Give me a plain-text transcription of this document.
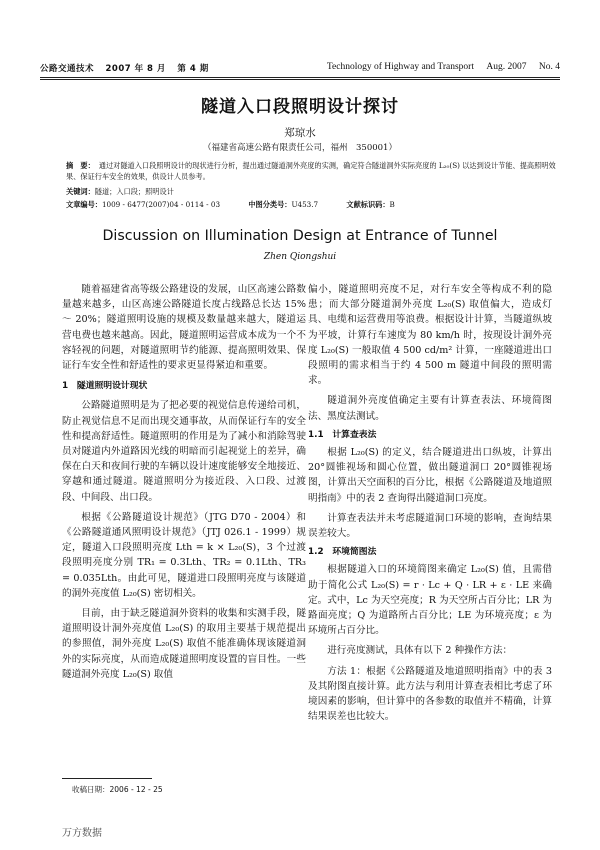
公路交通技术 2007 年 8 月 第 4 期	Technology of Highway and Transport Aug. 2007 No. 4
隧道入口段照明设计探讨
郑琼水
（福建省高速公路有限责任公司，福州　350001）
摘　要： 通过对隧道入口段照明设计的现状进行分析，提出通过隧道洞外亮度的实测，确定符合隧道洞外实际亮度的 L₂₀(S) 以达到设计节能、提高照明效果、保证行车安全的效果，供设计人员参考。
关键词：隧道；入口段；照明设计
文章编号：1009 - 6477(2007)04 - 0114 - 03	中图分类号：U453.7	文献标识码：B
Discussion on Illumination Design at Entrance of Tunnel
Zhen Qiongshui

随着福建省高等级公路建设的发展，山区高速公路数量越来越多，山区高速公路隧道长度占线路总长达 15% ～ 20%；隧道照明设施的规模及数量越来越大，隧道运营电费也越来越高。因此，隧道照明运营成本成为一个不容轻视的问题，对隧道照明节约能源、提高照明效果、保证行车安全性和舒适性的要求更显得紧迫和重要。

1　隧道照明设计现状

公路隧道照明是为了把必要的视觉信息传递给司机，防止视觉信息不足而出现交通事故，从而保证行车的安全性和提高舒适性。隧道照明的作用是为了减小和消除驾驶员对隧道内外道路因光线的明暗而引起视觉上的差异，确保在白天和夜间行驶的车辆以设计速度能够安全地接近、穿越和通过隧道。隧道照明分为接近段、入口段、过渡段、中间段、出口段。

根据《公路隧道设计规范》（JTG D70 - 2004）和《公路隧道通风照明设计规范》（JTJ 026.1 - 1999）规定，隧道入口段照明亮度 Lth = k × L₂₀(S)，3 个过渡段照明亮度分别 TR₁ = 0.3Lth、TR₂ = 0.1Lth、TR₃ = 0.035Lth。由此可见，隧道进口段照明亮度与该隧道的洞外亮度值 L₂₀(S) 密切相关。

目前，由于缺乏隧道洞外资料的收集和实测手段，隧道照明设计洞外亮度值 L₂₀(S) 的取用主要基于规范提出的参照值，洞外亮度 L₂₀(S) 取值不能准确体现该隧道洞外的实际亮度，从而造成隧道照明度设置的盲目性。一些隧道洞外亮度 L₂₀(S) 取值

偏小，隧道照明亮度不足，对行车安全等构成不利的隐患；而大部分隧道洞外亮度 L₂₀(S) 取值偏大，造成灯具、电缆和运营费用等浪费。根据设计计算，当隧道纵坡为平坡，计算行车速度为 80 km/h 时，按现设计洞外亮度 L₂₀(S) 一般取值 4 500 cd/m² 计算，一座隧道进出口段照明的需求相当于约 4 500 m 隧道中间段的照明需求。

隧道洞外亮度值确定主要有计算查表法、环境简图法、黑度法测试。

1.1　计算查表法

根据 L₂₀(S) 的定义，结合隧道进出口纵坡，计算出 20°圆锥视场和圆心位置，做出隧道洞口 20°圆锥视场图，计算出天空面积的百分比，根据《公路隧道及地道照明指南》中的表 2 查询得出隧道洞口亮度。

计算查表法并未考虑隧道洞口环境的影响，查询结果误差较大。

1.2　环境简图法

根据隧道入口的环境简图来确定 L₂₀(S) 值，且需借助于简化公式 L₂₀(S) = r · Lc + Q · LR + ε · LE 来确定。式中，Lc 为天空亮度；R 为天空所占百分比；LR 为路面亮度；Q 为道路所占百分比；LE 为环境亮度；ε 为环境所占百分比。

进行亮度测试，具体有以下 2 种操作方法：

方法 1：根据《公路隧道及地道照明指南》中的表 3 及其附图直接计算。此方法与利用计算查表相比考虑了环境因素的影响，但计算中的各参数的取值并不精确，计算结果误差也比较大。

收稿日期：2006 - 12 - 25
万方数据
